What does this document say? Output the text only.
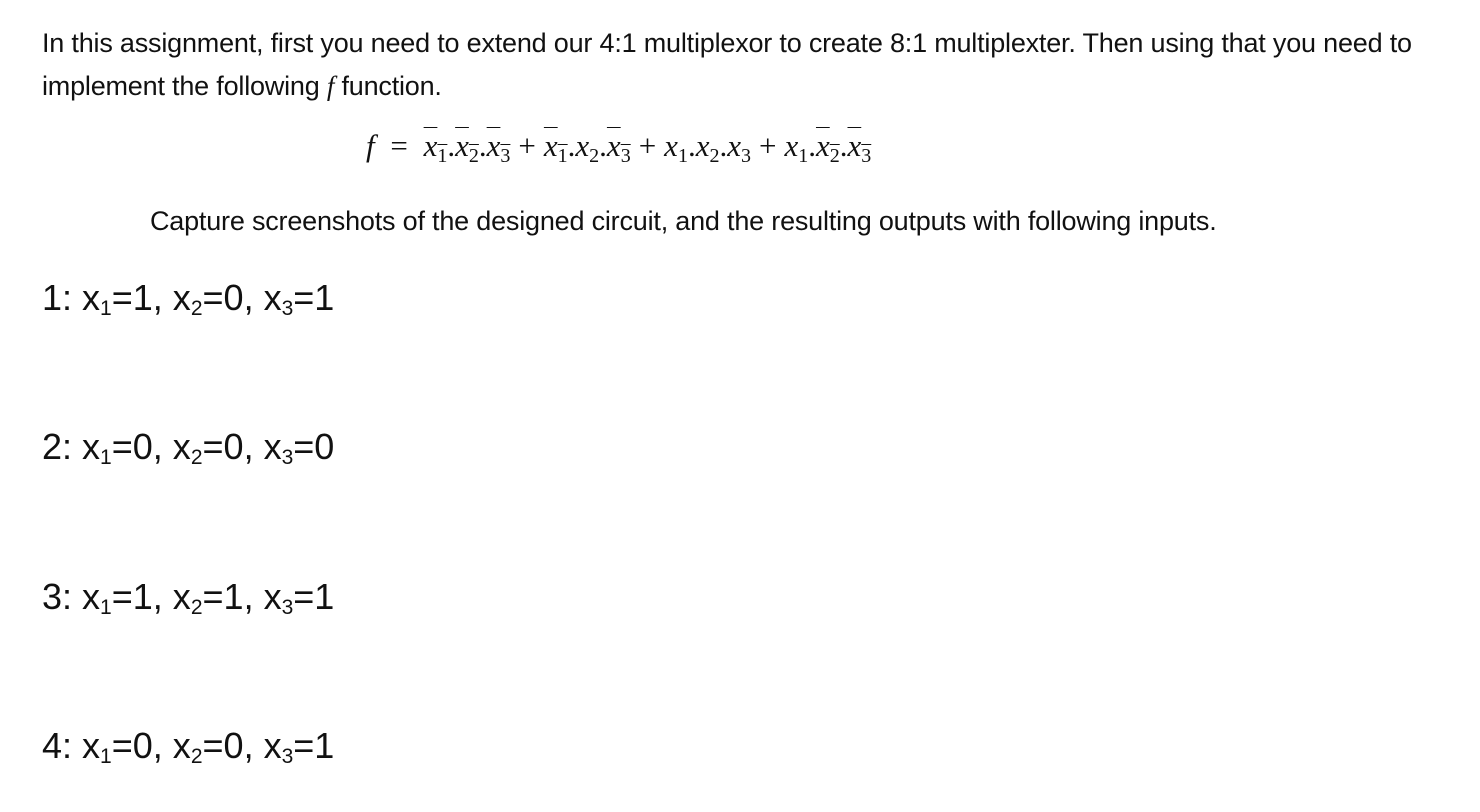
In this assignment, first you need to extend our 4:1 multiplexor to create 8:1 multiplexter. Then using that you need to implement the following f function.

$f = x_1.x_2.x_3 + x_1.x_2.x_3 + x_1.x_2.x_3 + x_1.x_2.x_3$

Capture screenshots of the designed circuit, and the resulting outputs with following inputs.

1: $x_1=1$, $x_2=0$, $x_3=1$
2: $x_1=0$, $x_2=0$, $x_3=0$
3: $x_1=1$, $x_2=1$, $x_3=1$
4: $x_1=0$, $x_2=0$, $x_3=1$
